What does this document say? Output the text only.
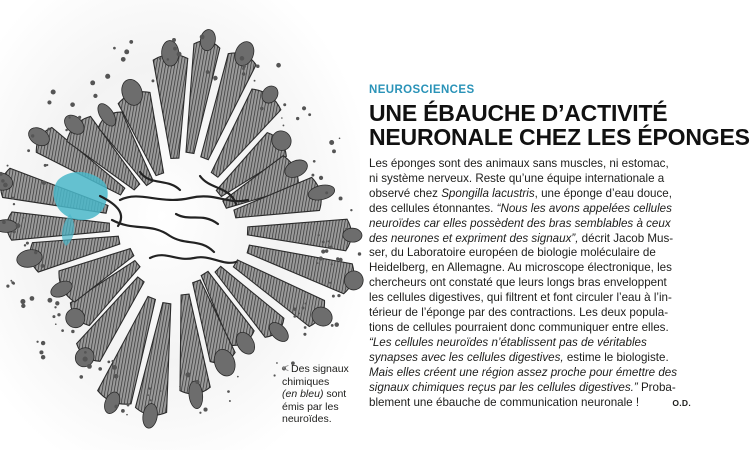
< Des signaux
chimiques
(en bleu) sont
émis par les
neuroïdes.
NEUROSCIENCES
UNE ÉBAUCHE D’ACTIVITÉ
NEURONALE CHEZ LES ÉPONGES
Les éponges sont des animaux sans muscles, ni estomac,
ni système nerveux. Reste qu’une équipe internationale a
observé chez Spongilla lacustris, une éponge d’eau douce,
des cellules étonnantes. “Nous les avons appelées cellules
neuroïdes car elles possèdent des bras semblables à ceux
des neurones et expriment des signaux”, décrit Jacob Mus-
ser, du Laboratoire européen de biologie moléculaire de
Heidelberg, en Allemagne. Au microscope électronique, les
chercheurs ont constaté que leurs longs bras enveloppent
les cellules digestives, qui filtrent et font circuler l’eau à l’in-
térieur de l’éponge par des contractions. Les deux popula-
tions de cellules pourraient donc communiquer entre elles.
“Les cellules neuroïdes n’établissent pas de véritables
synapses avec les cellules digestives, estime le biologiste.
Mais elles créent une région assez proche pour émettre des
signaux chimiques reçus par les cellules digestives.” Proba-
blement une ébauche de communication neuronale !	O.D.
